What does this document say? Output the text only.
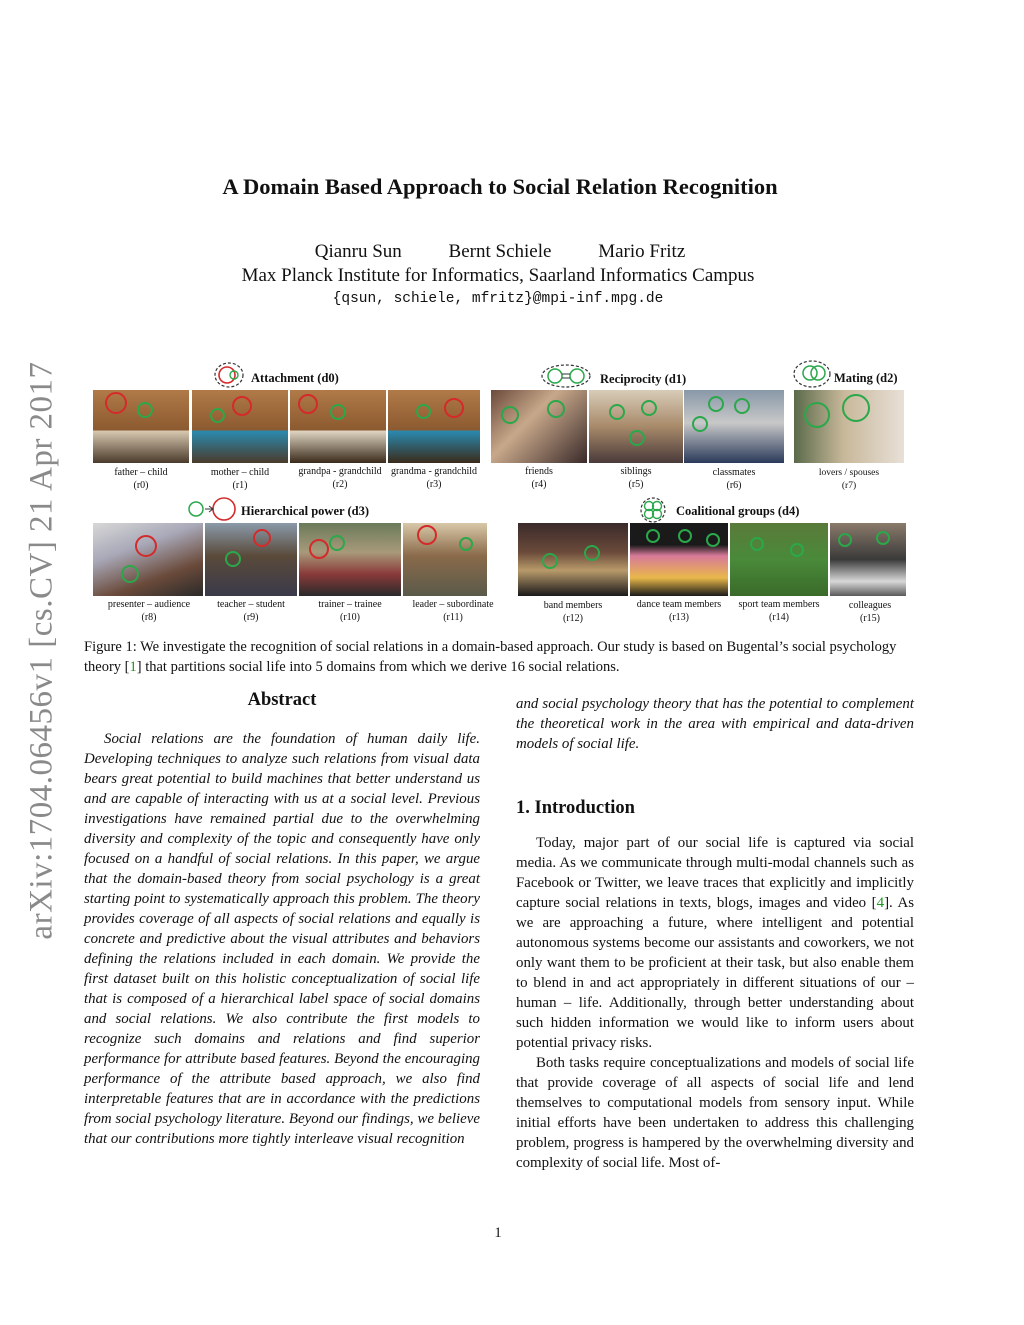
arXiv:1704.06456v1 [cs.CV] 21 Apr 2017
A Domain Based Approach to Social Relation Recognition
Qianru Sun Bernt Schiele Mario Fritz
Max Planck Institute for Informatics, Saarland Informatics Campus
{qsun, schiele, mfritz}@mpi-inf.mpg.de
Attachment (d0)	Reciprocity (d1)	Mating (d2)
Hierarchical power (d3)	Coalitional groups (d4)
father – child
(r0)
mother – child
(r1)
grandpa - grandchild
(r2)
grandma - grandchild
(r3)
friends
(r4)
siblings
(r5)
classmates
(r6)
lovers / spouses
(r7)
presenter – audience
(r8)
teacher – student
(r9)
trainer – trainee
(r10)
leader – subordinate
(r11)
band members
(r12)
dance team members
(r13)
sport team members
(r14)
colleagues
(r15)
Figure 1: We investigate the recognition of social relations in a domain-based approach. Our study is based on Bugental’s social psychology theory [1] that partitions social life into 5 domains from which we derive 16 social relations.
Abstract
Social relations are the foundation of human daily life. Developing techniques to analyze such relations from visual data bears great potential to build machines that better understand us and are capable of interacting with us at a social level. Previous investigations have remained partial due to the overwhelming diversity and complexity of the topic and consequently have only focused on a handful of social relations. In this paper, we argue that the domain-based theory from social psychology is a great starting point to systematically approach this problem. The theory provides coverage of all aspects of social relations and equally is concrete and predictive about the visual attributes and behaviors defining the relations included in each domain. We provide the first dataset built on this holistic conceptualization of social life that is composed of a hierarchical label space of social domains and social relations. We also contribute the first models to recognize such domains and relations and find superior performance for attribute based features. Beyond the encouraging performance of the attribute based approach, we also find interpretable features that are in accordance with the predictions from social psychology literature. Beyond our findings, we believe that our contributions more tightly interleave visual recognition
and social psychology theory that has the potential to complement the theoretical work in the area with empirical and data-driven models of social life.
1. Introduction
Today, major part of our social life is captured via social media. As we communicate through multi-modal channels such as Facebook or Twitter, we leave traces that explicitly and implicitly capture social relations in texts, blogs, images and video [4]. As we are approaching a future, where intelligent and potential autonomous systems become our assistants and coworkers, we not only want them to be proficient at their task, but also enable them to blend in and act appropriately in different situations of our – human – life. Additionally, through better understanding about such hidden information we would like to inform users about potential privacy risks.
Both tasks require conceptualizations and models of social life that provide coverage of all aspects of social life and lend themselves to computational models from sensory input. While initial efforts have been undertaken to address this challenging problem, progress is hampered by the overwhelming diversity and complexity of social life. Most of-
1
